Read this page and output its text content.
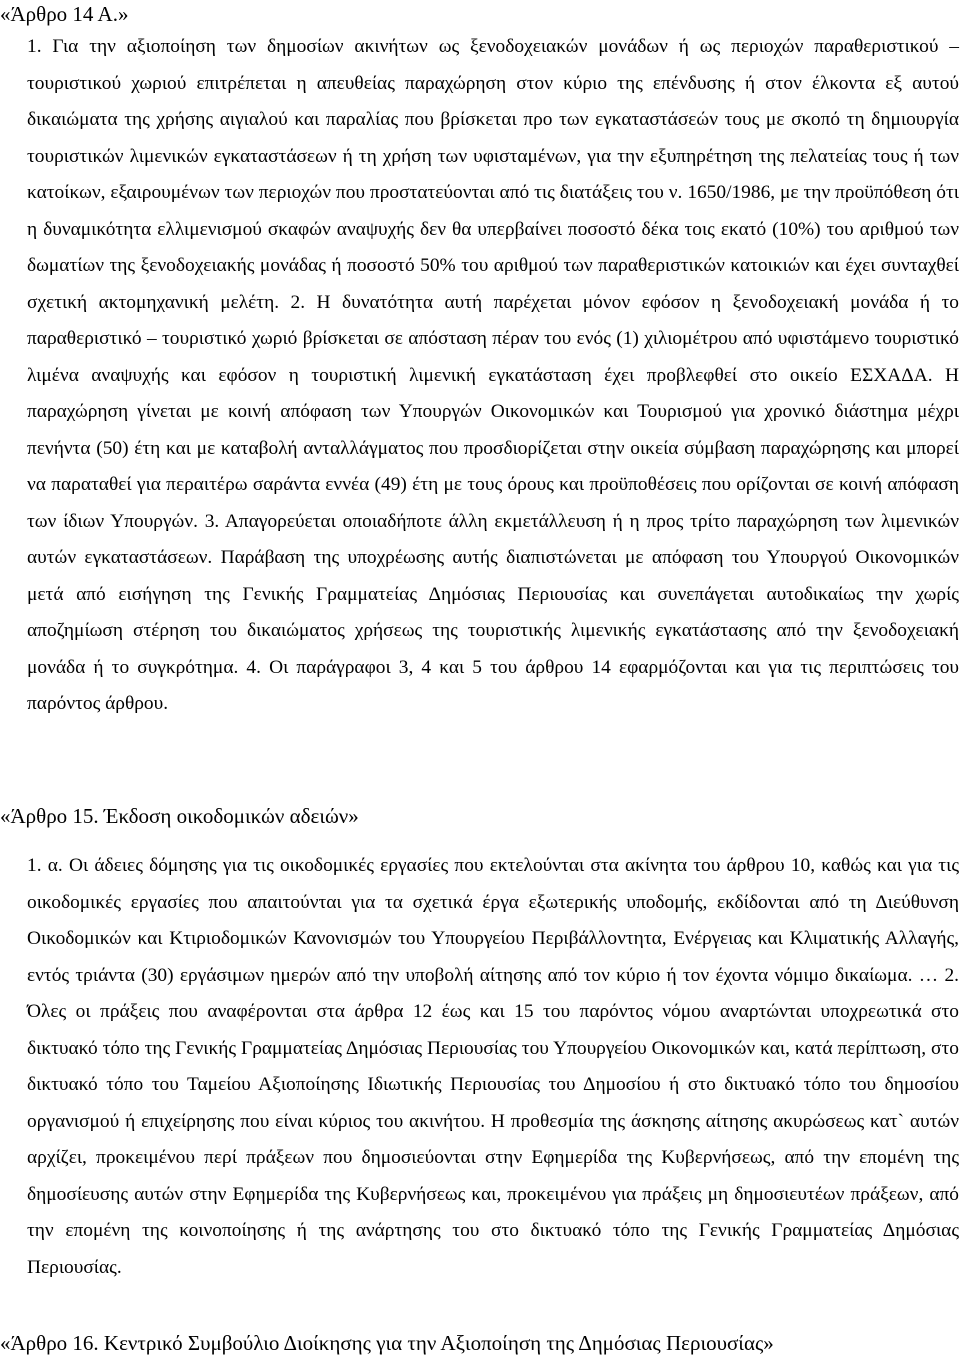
«Άρθρο 14 Α.»
1. Για την αξιοποίηση των δημοσίων ακινήτων ως ξενοδοχειακών μονάδων ή ως περιοχών παραθεριστικού – τουριστικού χωριού επιτρέπεται η απευθείας παραχώρηση στον κύριο της επένδυσης ή στον έλκοντα εξ αυτού δικαιώματα της χρήσης αιγιαλού και παραλίας που βρίσκεται προ των εγκαταστάσεών τους με σκοπό τη δημιουργία τουριστικών λιμενικών εγκαταστάσεων ή τη χρήση των υφισταμένων, για την εξυπηρέτηση της πελατείας τους ή των κατοίκων, εξαιρουμένων των περιοχών που προστατεύονται από τις διατάξεις του ν. 1650/1986, με την προϋπόθεση ότι η δυναμικότητα ελλιμενισμού σκαφών αναψυχής δεν θα υπερβαίνει ποσοστό δέκα τοις εκατό (10%) του αριθμού των δωματίων της ξενοδοχειακής μονάδας ή ποσοστό 50% του αριθμού των παραθεριστικών κατοικιών και έχει συνταχθεί σχετική ακτομηχανική μελέτη. 2. Η δυνατότητα αυτή παρέχεται μόνον εφόσον η ξενοδοχειακή μονάδα ή το παραθεριστικό – τουριστικό χωριό βρίσκεται σε απόσταση πέραν του ενός (1) χιλιομέτρου από υφιστάμενο τουριστικό λιμένα αναψυχής και εφόσον η τουριστική λιμενική εγκατάσταση έχει προβλεφθεί στο οικείο ΕΣΧΑΔΑ. Η παραχώρηση γίνεται με κοινή απόφαση των Υπουργών Οικονομικών και Τουρισμού για χρονικό διάστημα μέχρι πενήντα (50) έτη και με καταβολή ανταλλάγματος που προσδιορίζεται στην οικεία σύμβαση παραχώρησης και μπορεί να παραταθεί για περαιτέρω σαράντα εννέα (49) έτη με τους όρους και προϋποθέσεις που ορίζονται σε κοινή απόφαση των ίδιων Υπουργών. 3. Απαγορεύεται οποιαδήποτε άλλη εκμετάλλευση ή η προς τρίτο παραχώρηση των λιμενικών αυτών εγκαταστάσεων. Παράβαση της υποχρέωσης αυτής διαπιστώνεται με απόφαση του Υπουργού Οικονομικών μετά από εισήγηση της Γενικής Γραμματείας Δημόσιας Περιουσίας και συνεπάγεται αυτοδικαίως την χωρίς αποζημίωση στέρηση του δικαιώματος χρήσεως της τουριστικής λιμενικής εγκατάστασης από την ξενοδοχειακή μονάδα ή το συγκρότημα. 4. Οι παράγραφοι 3, 4 και 5 του άρθρου 14 εφαρμόζονται και για τις περιπτώσεις του παρόντος άρθρου.
«Άρθρο 15. Έκδοση οικοδομικών αδειών»
1. α. Οι άδειες δόμησης για τις οικοδομικές εργασίες που εκτελούνται στα ακίνητα του άρθρου 10, καθώς και για τις οικοδομικές εργασίες που απαιτούνται για τα σχετικά έργα εξωτερικής υποδομής, εκδίδονται από τη Διεύθυνση Οικοδομικών και Κτιριοδομικών Κανονισμών του Υπουργείου Περιβάλλοντητα, Ενέργειας και Κλιματικής Αλλαγής, εντός τριάντα (30) εργάσιμων ημερών από την υποβολή αίτησης από τον κύριο ή τον έχοντα νόμιμο δικαίωμα. … 2. Όλες οι πράξεις που αναφέρονται στα άρθρα 12 έως και 15 του παρόντος νόμου αναρτώνται υποχρεωτικά στο δικτυακό τόπο της Γενικής Γραμματείας Δημόσιας Περιουσίας του Υπουργείου Οικονομικών και, κατά περίπτωση, στο δικτυακό τόπο του Ταμείου Αξιοποίησης Ιδιωτικής Περιουσίας του Δημοσίου ή στο δικτυακό τόπο του δημοσίου οργανισμού ή επιχείρησης που είναι κύριος του ακινήτου. Η προθεσμία της άσκησης αίτησης ακυρώσεως κατ` αυτών αρχίζει, προκειμένου περί πράξεων που δημοσιεύονται στην Εφημερίδα της Κυβερνήσεως, από την επομένη της δημοσίευσης αυτών στην Εφημερίδα της Κυβερνήσεως και, προκειμένου για πράξεις μη δημοσιευτέων πράξεων, από την επομένη της κοινοποίησης ή της ανάρτησης του στο δικτυακό τόπο της Γενικής Γραμματείας Δημόσιας Περιουσίας.
«Άρθρο 16. Κεντρικό Συμβούλιο Διοίκησης για την Αξιοποίηση της Δημόσιας Περιουσίας»
